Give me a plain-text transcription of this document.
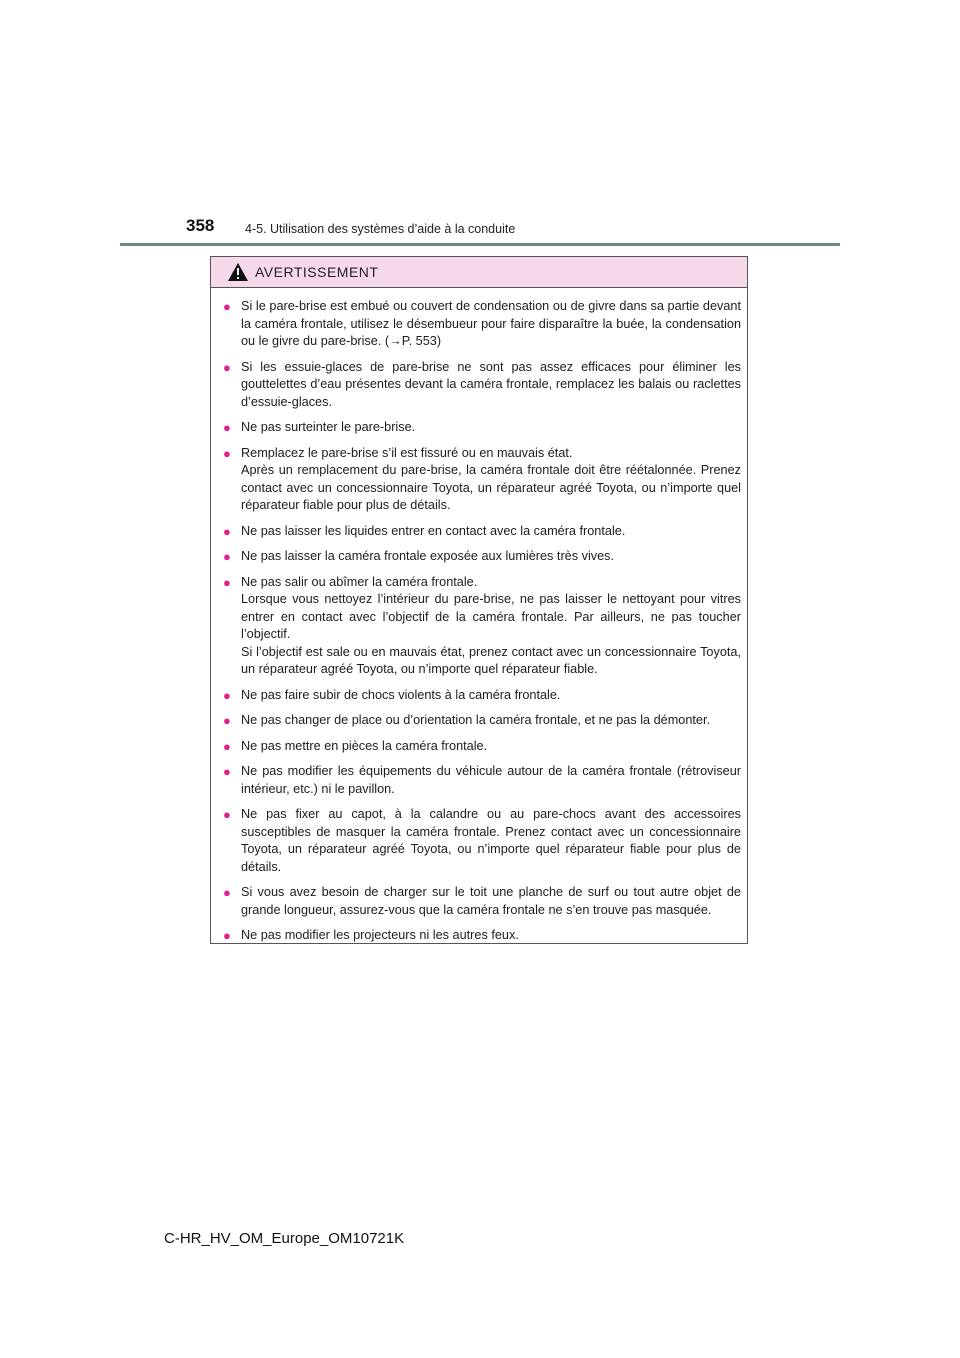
358 4-5. Utilisation des systèmes d’aide à la conduite
AVERTISSEMENT
● Si le pare-brise est embué ou couvert de condensation ou de givre dans sa partie devant la caméra frontale, utilisez le désembueur pour faire disparaître la buée, la condensation ou le givre du pare-brise. (→P. 553)
● Si les essuie-glaces de pare-brise ne sont pas assez efficaces pour éliminer les gouttelettes d’eau présentes devant la caméra frontale, remplacez les balais ou raclettes d’essuie-glaces.
● Ne pas surteinter le pare-brise.
● Remplacez le pare-brise s’il est fissuré ou en mauvais état.
Après un remplacement du pare-brise, la caméra frontale doit être réétalonnée. Prenez contact avec un concessionnaire Toyota, un réparateur agréé Toyota, ou n’importe quel réparateur fiable pour plus de détails.
● Ne pas laisser les liquides entrer en contact avec la caméra frontale.
● Ne pas laisser la caméra frontale exposée aux lumières très vives.
● Ne pas salir ou abîmer la caméra frontale.
Lorsque vous nettoyez l’intérieur du pare-brise, ne pas laisser le nettoyant pour vitres entrer en contact avec l’objectif de la caméra frontale. Par ailleurs, ne pas toucher l’objectif.
Si l’objectif est sale ou en mauvais état, prenez contact avec un concessionnaire Toyota, un réparateur agréé Toyota, ou n’importe quel réparateur fiable.
● Ne pas faire subir de chocs violents à la caméra frontale.
● Ne pas changer de place ou d’orientation la caméra frontale, et ne pas la démonter.
● Ne pas mettre en pièces la caméra frontale.
● Ne pas modifier les équipements du véhicule autour de la caméra frontale (rétroviseur intérieur, etc.) ni le pavillon.
● Ne pas fixer au capot, à la calandre ou au pare-chocs avant des accessoires susceptibles de masquer la caméra frontale. Prenez contact avec un concessionnaire Toyota, un réparateur agréé Toyota, ou n’importe quel réparateur fiable pour plus de détails.
● Si vous avez besoin de charger sur le toit une planche de surf ou tout autre objet de grande longueur, assurez-vous que la caméra frontale ne s’en trouve pas masquée.
● Ne pas modifier les projecteurs ni les autres feux.
C-HR_HV_OM_Europe_OM10721K
